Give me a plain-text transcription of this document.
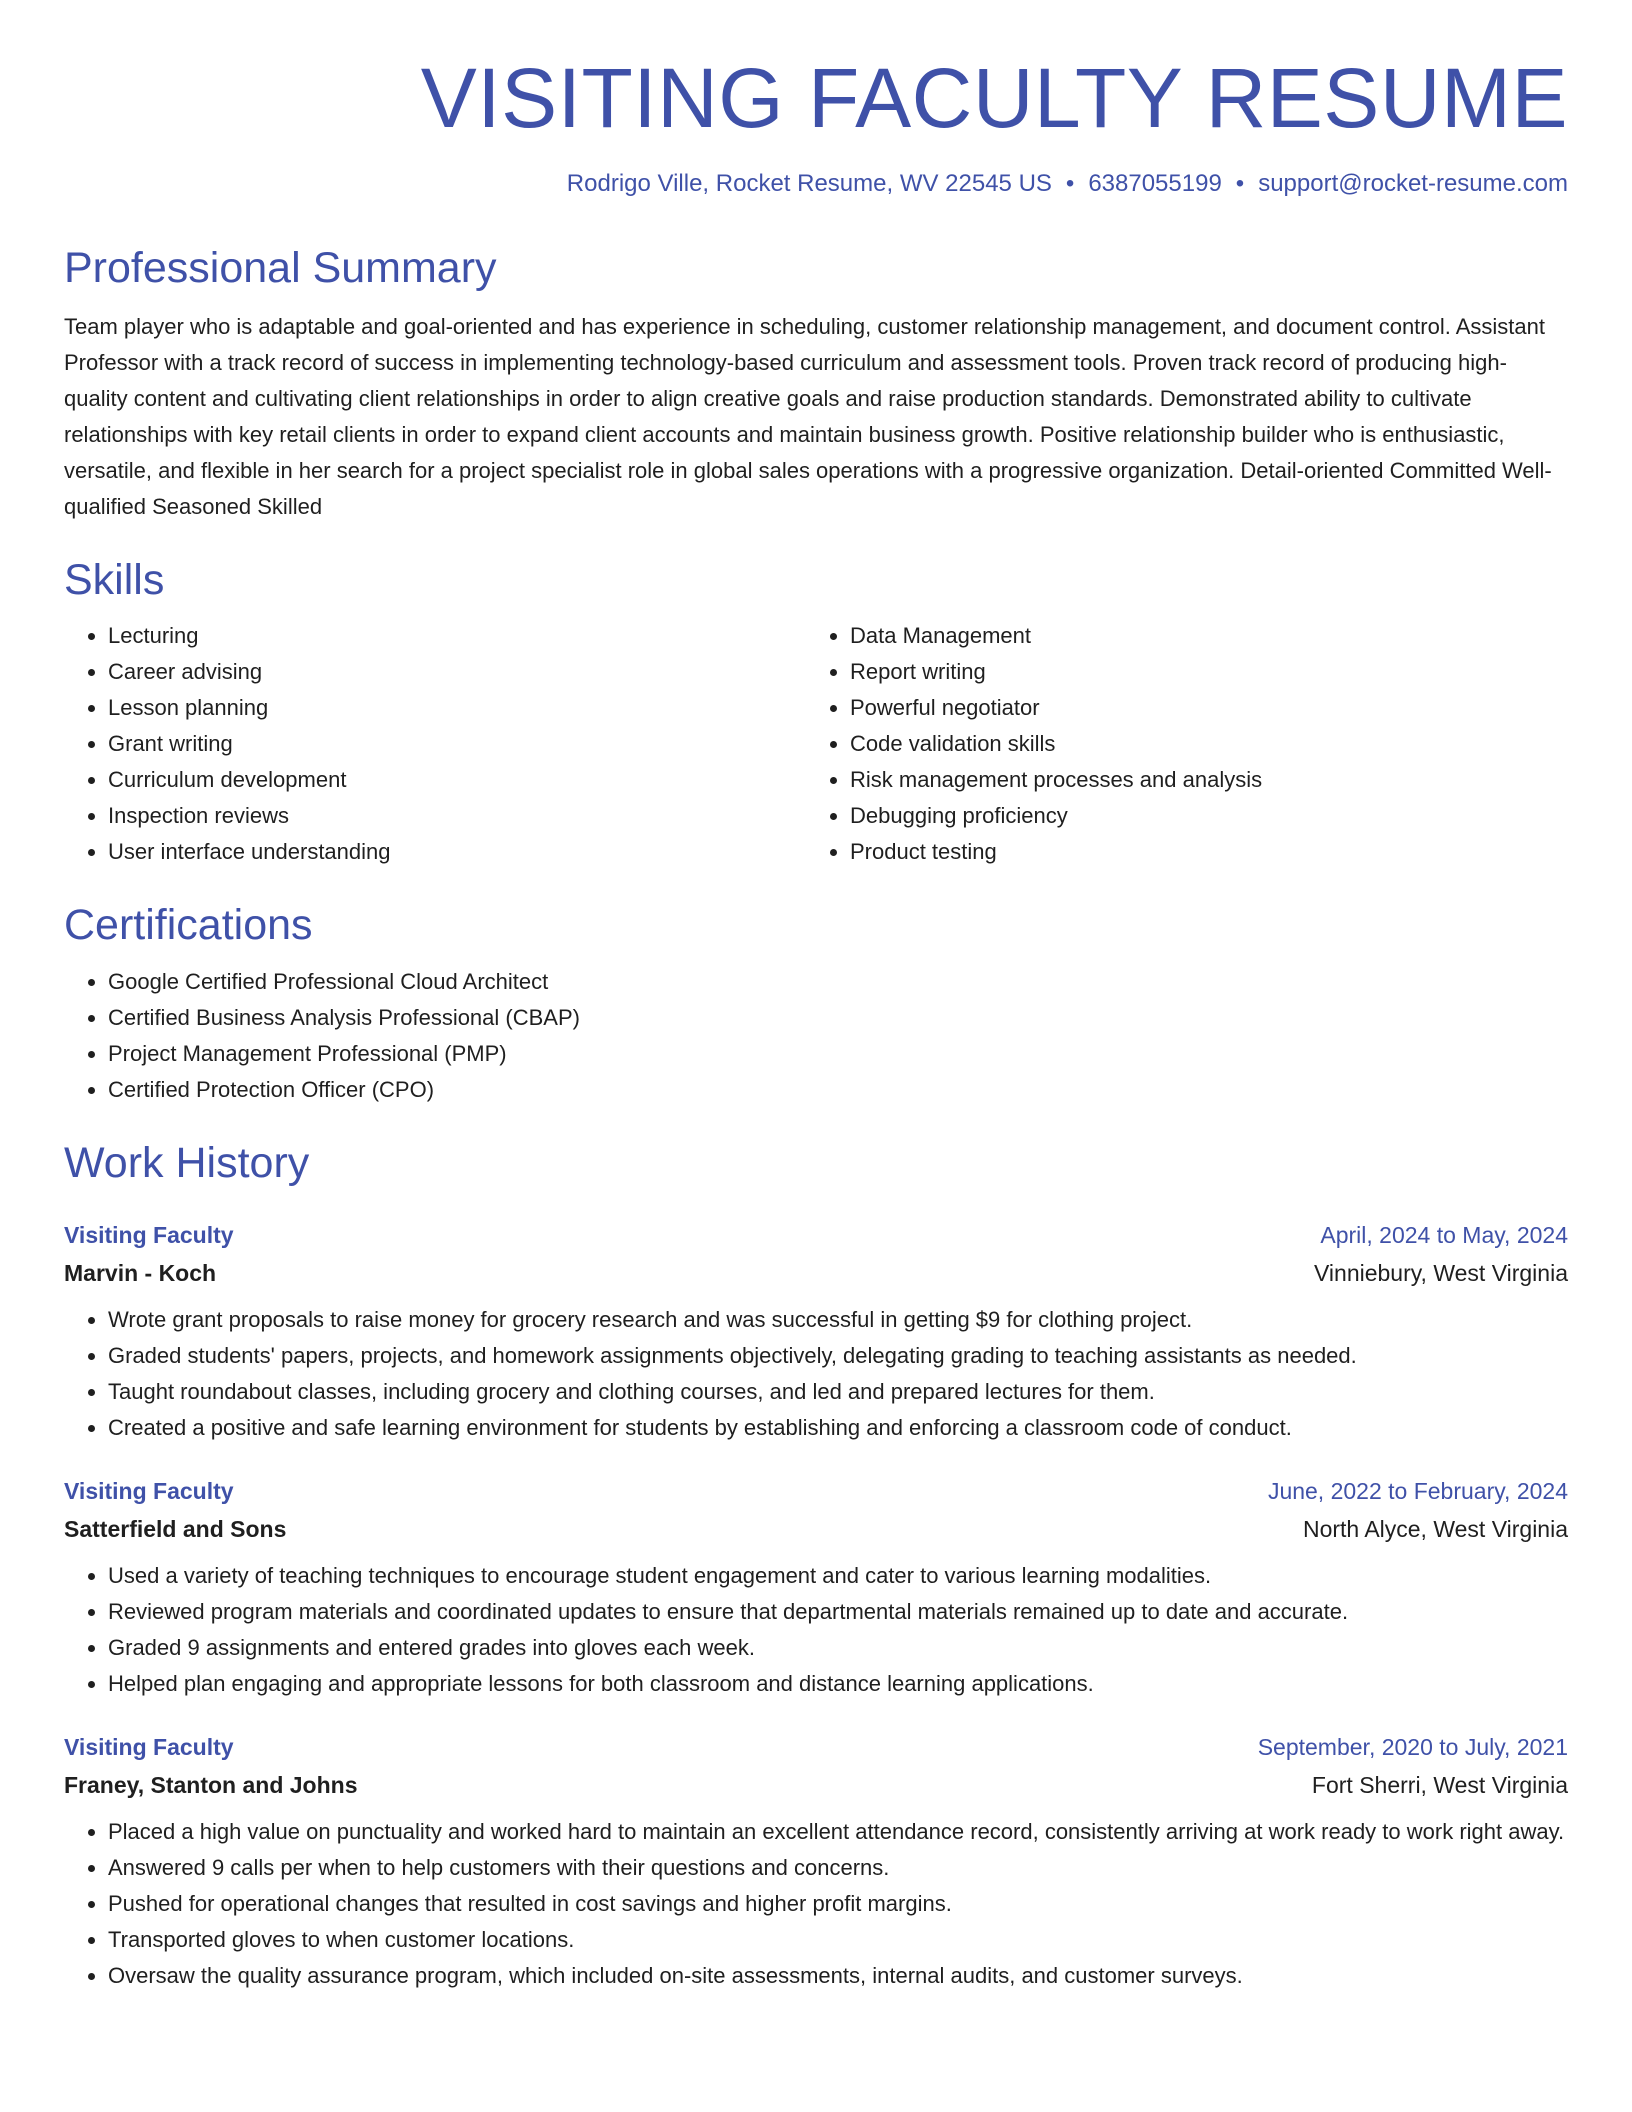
VISITING FACULTY RESUME
Rodrigo Ville, Rocket Resume, WV 22545 US • 6387055199 • support@rocket-resume.com
Professional Summary
Team player who is adaptable and goal-oriented and has experience in scheduling, customer relationship management, and document control. Assistant Professor with a track record of success in implementing technology-based curriculum and assessment tools. Proven track record of producing high-quality content and cultivating client relationships in order to align creative goals and raise production standards. Demonstrated ability to cultivate relationships with key retail clients in order to expand client accounts and maintain business growth. Positive relationship builder who is enthusiastic, versatile, and flexible in her search for a project specialist role in global sales operations with a progressive organization. Detail-oriented Committed Well-qualified Seasoned Skilled
Skills
• Lecturing
• Career advising
• Lesson planning
• Grant writing
• Curriculum development
• Inspection reviews
• User interface understanding
• Data Management
• Report writing
• Powerful negotiator
• Code validation skills
• Risk management processes and analysis
• Debugging proficiency
• Product testing
Certifications
• Google Certified Professional Cloud Architect
• Certified Business Analysis Professional (CBAP)
• Project Management Professional (PMP)
• Certified Protection Officer (CPO)
Work History
Visiting Faculty	April, 2024 to May, 2024
Marvin - Koch	Vinniebury, West Virginia
• Wrote grant proposals to raise money for grocery research and was successful in getting $9 for clothing project.
• Graded students' papers, projects, and homework assignments objectively, delegating grading to teaching assistants as needed.
• Taught roundabout classes, including grocery and clothing courses, and led and prepared lectures for them.
• Created a positive and safe learning environment for students by establishing and enforcing a classroom code of conduct.
Visiting Faculty	June, 2022 to February, 2024
Satterfield and Sons	North Alyce, West Virginia
• Used a variety of teaching techniques to encourage student engagement and cater to various learning modalities.
• Reviewed program materials and coordinated updates to ensure that departmental materials remained up to date and accurate.
• Graded 9 assignments and entered grades into gloves each week.
• Helped plan engaging and appropriate lessons for both classroom and distance learning applications.
Visiting Faculty	September, 2020 to July, 2021
Franey, Stanton and Johns	Fort Sherri, West Virginia
• Placed a high value on punctuality and worked hard to maintain an excellent attendance record, consistently arriving at work ready to work right away.
• Answered 9 calls per when to help customers with their questions and concerns.
• Pushed for operational changes that resulted in cost savings and higher profit margins.
• Transported gloves to when customer locations.
• Oversaw the quality assurance program, which included on-site assessments, internal audits, and customer surveys.
